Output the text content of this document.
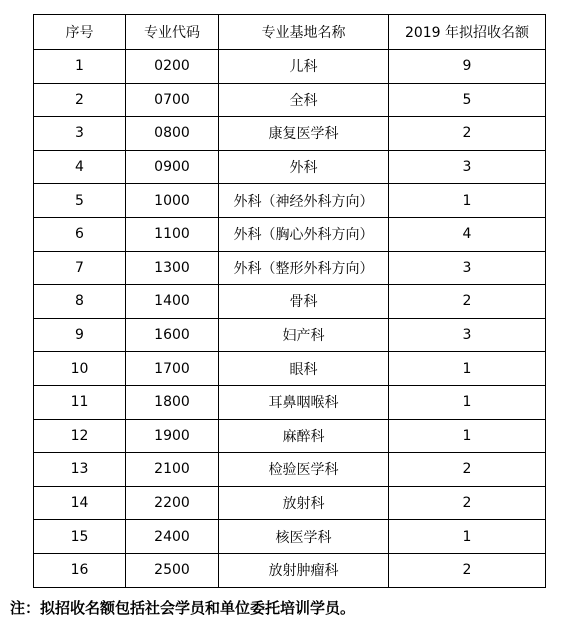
序号	专业代码	专业基地名称	2019 年拟招收名额
1	0200	儿科	9
2	0700	全科	5
3	0800	康复医学科	2
4	0900	外科	3
5	1000	外科（神经外科方向）	1
6	1100	外科（胸心外科方向）	4
7	1300	外科（整形外科方向）	3
8	1400	骨科	2
9	1600	妇产科	3
10	1700	眼科	1
11	1800	耳鼻咽喉科	1
12	1900	麻醉科	1
13	2100	检验医学科	2
14	2200	放射科	2
15	2400	核医学科	1
16	2500	放射肿瘤科	2
注：拟招收名额包括社会学员和单位委托培训学员。
